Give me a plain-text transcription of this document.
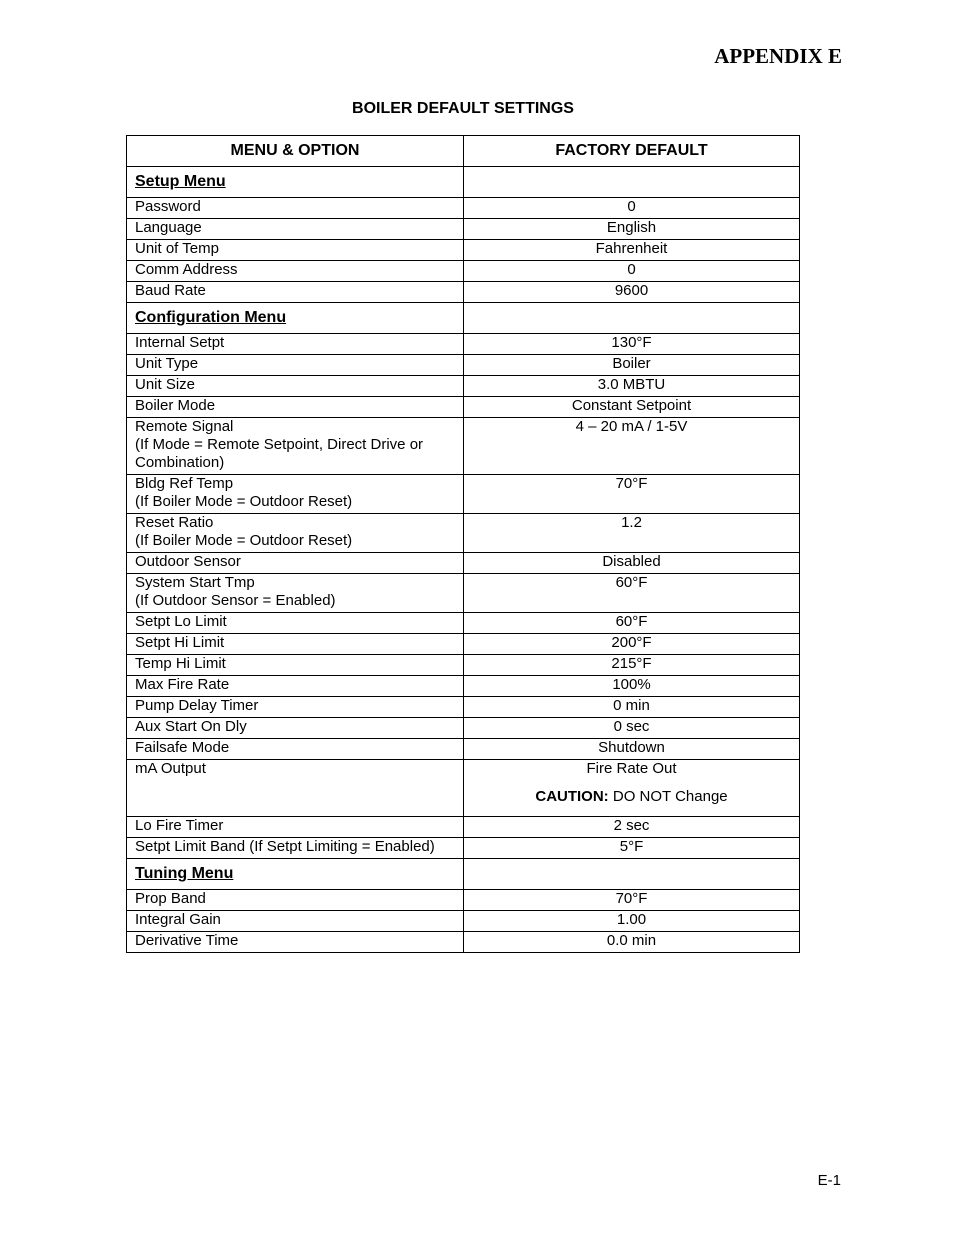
APPENDIX E
BOILER DEFAULT SETTINGS
MENU & OPTION	FACTORY DEFAULT
Setup Menu	
Password	0
Language	English
Unit of Temp	Fahrenheit
Comm Address	0
Baud Rate	9600
Configuration Menu	
Internal Setpt	130°F
Unit Type	Boiler
Unit Size	3.0 MBTU
Boiler Mode	Constant Setpoint

Remote Signal
(If Mode = Remote Setpoint, Direct Drive or
Combination)	4 – 20 mA / 1-5V

Bldg Ref Temp
(If Boiler Mode = Outdoor Reset)	70°F

Reset Ratio
(If Boiler Mode = Outdoor Reset)	1.2
Outdoor Sensor	Disabled

System Start Tmp
(If Outdoor Sensor = Enabled)	60°F
Setpt Lo Limit	60°F
Setpt Hi Limit	200°F
Temp Hi Limit	215°F
Max Fire Rate	100%
Pump Delay Timer	0 min
Aux Start On Dly	0 sec
Failsafe Mode	Shutdown
mA Output	Fire Rate Out
CAUTION: DO NOT Change

Lo Fire Timer	2 sec
Setpt Limit Band (If Setpt Limiting = Enabled)	5°F
Tuning Menu	
Prop Band	70°F
Integral Gain	1.00
Derivative Time	0.0 min
E-1
